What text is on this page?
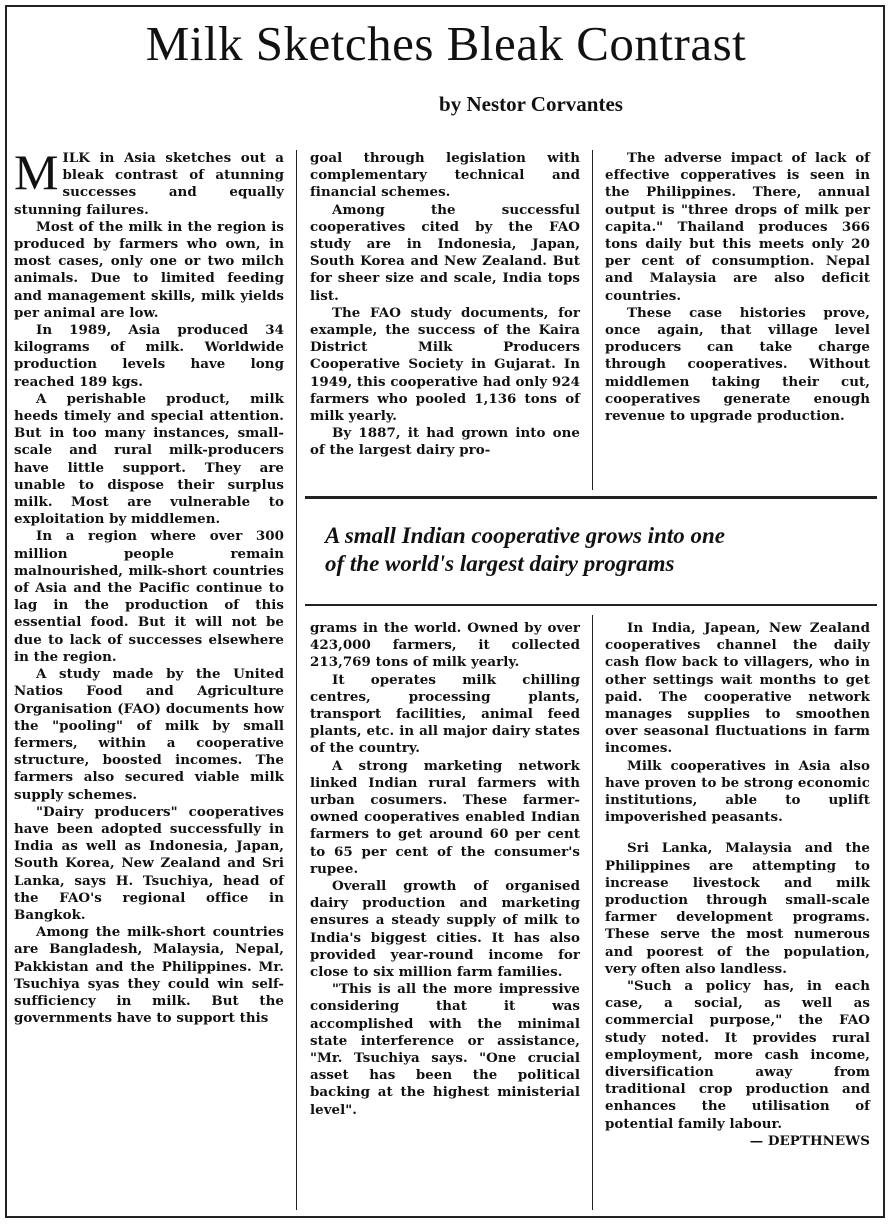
Milk Sketches Bleak Contrast
by Nestor Corvantes

MILK in Asia sketches out a bleak contrast of atunning successes and equally stunning failures.

Most of the milk in the region is produced by farmers who own, in most cases, only one or two milch animals. Due to limited feeding and management skills, milk yields per animal are low.

In 1989, Asia produced 34 kilograms of milk. Worldwide production levels have long reached 189 kgs.

A perishable product, milk heeds timely and special attention. But in too many instances, small-scale and rural milk-producers have little support. They are unable to dispose their surplus milk. Most are vulnerable to exploitation by middlemen.

In a region where over 300 million people remain malnourished, milk-short countries of Asia and the Pacific continue to lag in the production of this essential food. But it will not be due to lack of successes elsewhere in the region.

A study made by the United Natios Food and Agriculture Organisation (FAO) documents how the "pooling" of milk by small fermers, within a cooperative structure, boosted incomes. The farmers also secured viable milk supply schemes.

"Dairy producers" cooperatives have been adopted successfully in India as well as Indonesia, Japan, South Korea, New Zealand and Sri Lanka, says H. Tsuchiya, head of the FAO's regional office in Bangkok.

Among the milk-short countries are Bangladesh, Malaysia, Nepal, Pakkistan and the Philippines. Mr. Tsuchiya syas they could win self-sufficiency in milk. But the governments have to support this

goal through legislation with complementary technical and financial schemes.

Among the successful cooperatives cited by the FAO study are in Indonesia, Japan, South Korea and New Zealand. But for sheer size and scale, India tops list.

The FAO study documents, for example, the success of the Kaira District Milk Producers Cooperative Society in Gujarat. In 1949, this cooperative had only 924 farmers who pooled 1,136 tons of milk yearly.

By 1887, it had grown into one of the largest dairy pro-

The adverse impact of lack of effective copperatives is seen in the Philippines. There, annual output is "three drops of milk per capita." Thailand produces 366 tons daily but this meets only 20 per cent of consumption. Nepal and Malaysia are also deficit countries.

These case histories prove, once again, that village level producers can take charge through cooperatives. Without middlemen taking their cut, cooperatives generate enough revenue to upgrade production.

A small Indian cooperative grows into one
of the world's largest dairy programs

grams in the world. Owned by over 423,000 farmers, it collected 213,769 tons of milk yearly.

It operates milk chilling centres, processing plants, transport facilities, animal feed plants, etc. in all major dairy states of the country.

A strong marketing network linked Indian rural farmers with urban cosumers. These farmer-owned cooperatives enabled Indian farmers to get around 60 per cent to 65 per cent of the consumer's rupee.

Overall growth of organised dairy production and marketing ensures a steady supply of milk to India's biggest cities. It has also provided year-round income for close to six million farm families.

"This is all the more impressive considering that it was accomplished with the minimal state interference or assistance, "Mr. Tsuchiya says. "One crucial asset has been the political backing at the highest ministerial level".

In India, Japean, New Zealand cooperatives channel the daily cash flow back to villagers, who in other settings wait months to get paid. The cooperative network manages supplies to smoothen over seasonal fluctuations in farm incomes.

Milk cooperatives in Asia also have proven to be strong economic institutions, able to uplift impoverished peasants.

Sri Lanka, Malaysia and the Philippines are attempting to increase livestock and milk production through small-scale farmer development programs. These serve the most numerous and poorest of the population, very often also landless.

"Such a policy has, in each case, a social, as well as commercial purpose," the FAO study noted. It provides rural employment, more cash income, diversification away from traditional crop production and enhances the utilisation of potential family labour.

— DEPTHNEWS
